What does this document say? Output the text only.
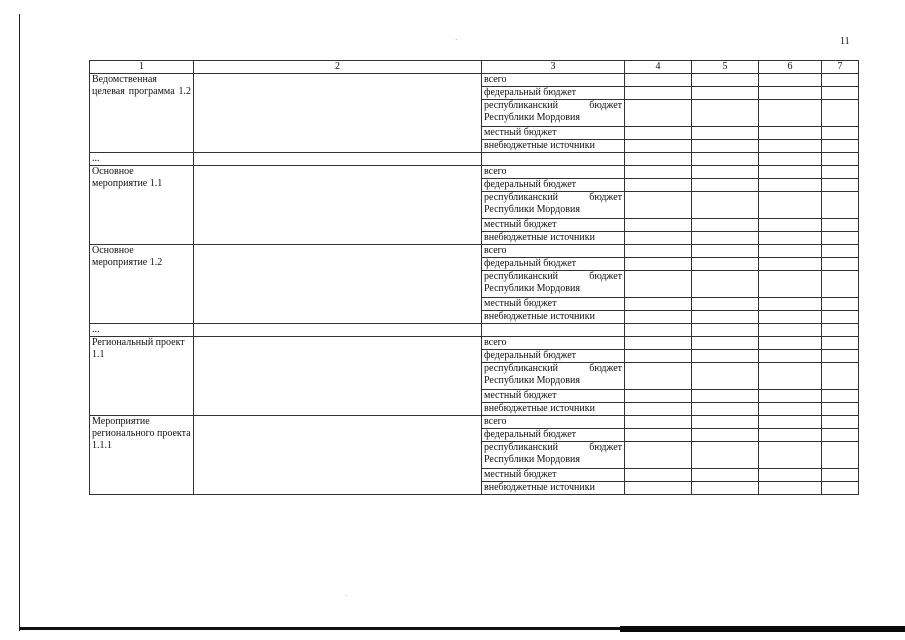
11
·
·
1	2	3	4	5	6	7

Ведомственная целевая программа 1.2		всего				
		федеральный бюджет				

		республиканский бюджет
Республики Мордовия				
		местный бюджет				
		внебюджетные источники				
...						
Основное мероприятие 1.1		всего				
		федеральный бюджет				

		республиканский бюджет
Республики Мордовия				
		местный бюджет				
		внебюджетные источники				
Основное мероприятие 1.2		всего				
		федеральный бюджет				

		республиканский бюджет
Республики Мордовия				
		местный бюджет				
		внебюджетные источники				
...						
Региональный проект 1.1		всего				
		федеральный бюджет				

		республиканский бюджет
Республики Мордовия				
		местный бюджет				
		внебюджетные источники				
Мероприятие регионального проекта 1.1.1		всего				
		федеральный бюджет				

		республиканский бюджет
Республики Мордовия				
		местный бюджет				
		внебюджетные источники				
